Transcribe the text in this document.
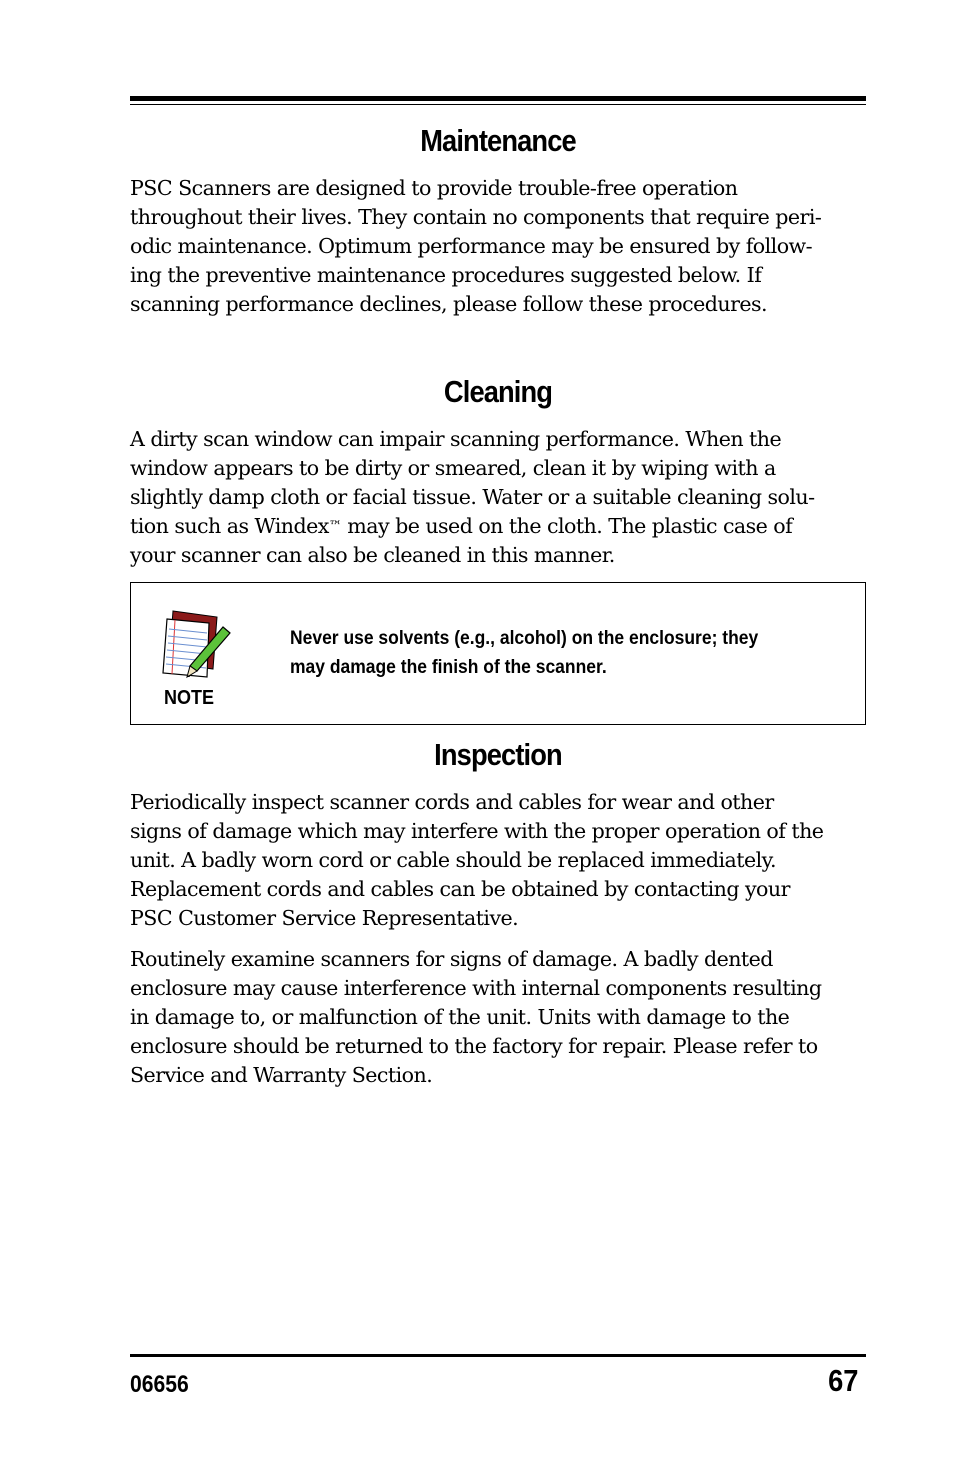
Maintenance

PSC Scanners are designed to provide trouble-free operation
throughout their lives. They contain no components that require peri-
odic maintenance. Optimum performance may be ensured by follow-
ing the preventive maintenance procedures suggested below. If
scanning performance declines, please follow these procedures.

Cleaning

A dirty scan window can impair scanning performance. When the
window appears to be dirty or smeared, clean it by wiping with a
slightly damp cloth or facial tissue. Water or a suitable cleaning solu-
tion such as Windex™ may be used on the cloth. The plastic case of
your scanner can also be cleaned in this manner.

NOTE
Never use solvents (e.g., alcohol) on the enclosure; they
may damage the finish of the scanner.
Inspection

Periodically inspect scanner cords and cables for wear and other
signs of damage which may interfere with the proper operation of the
unit. A badly worn cord or cable should be replaced immediately.
Replacement cords and cables can be obtained by contacting your
PSC Customer Service Representative.

Routinely examine scanners for signs of damage. A badly dented
enclosure may cause interference with internal components resulting
in damage to, or malfunction of the unit. Units with damage to the
enclosure should be returned to the factory for repair. Please refer to
Service and Warranty Section.

06656	67
